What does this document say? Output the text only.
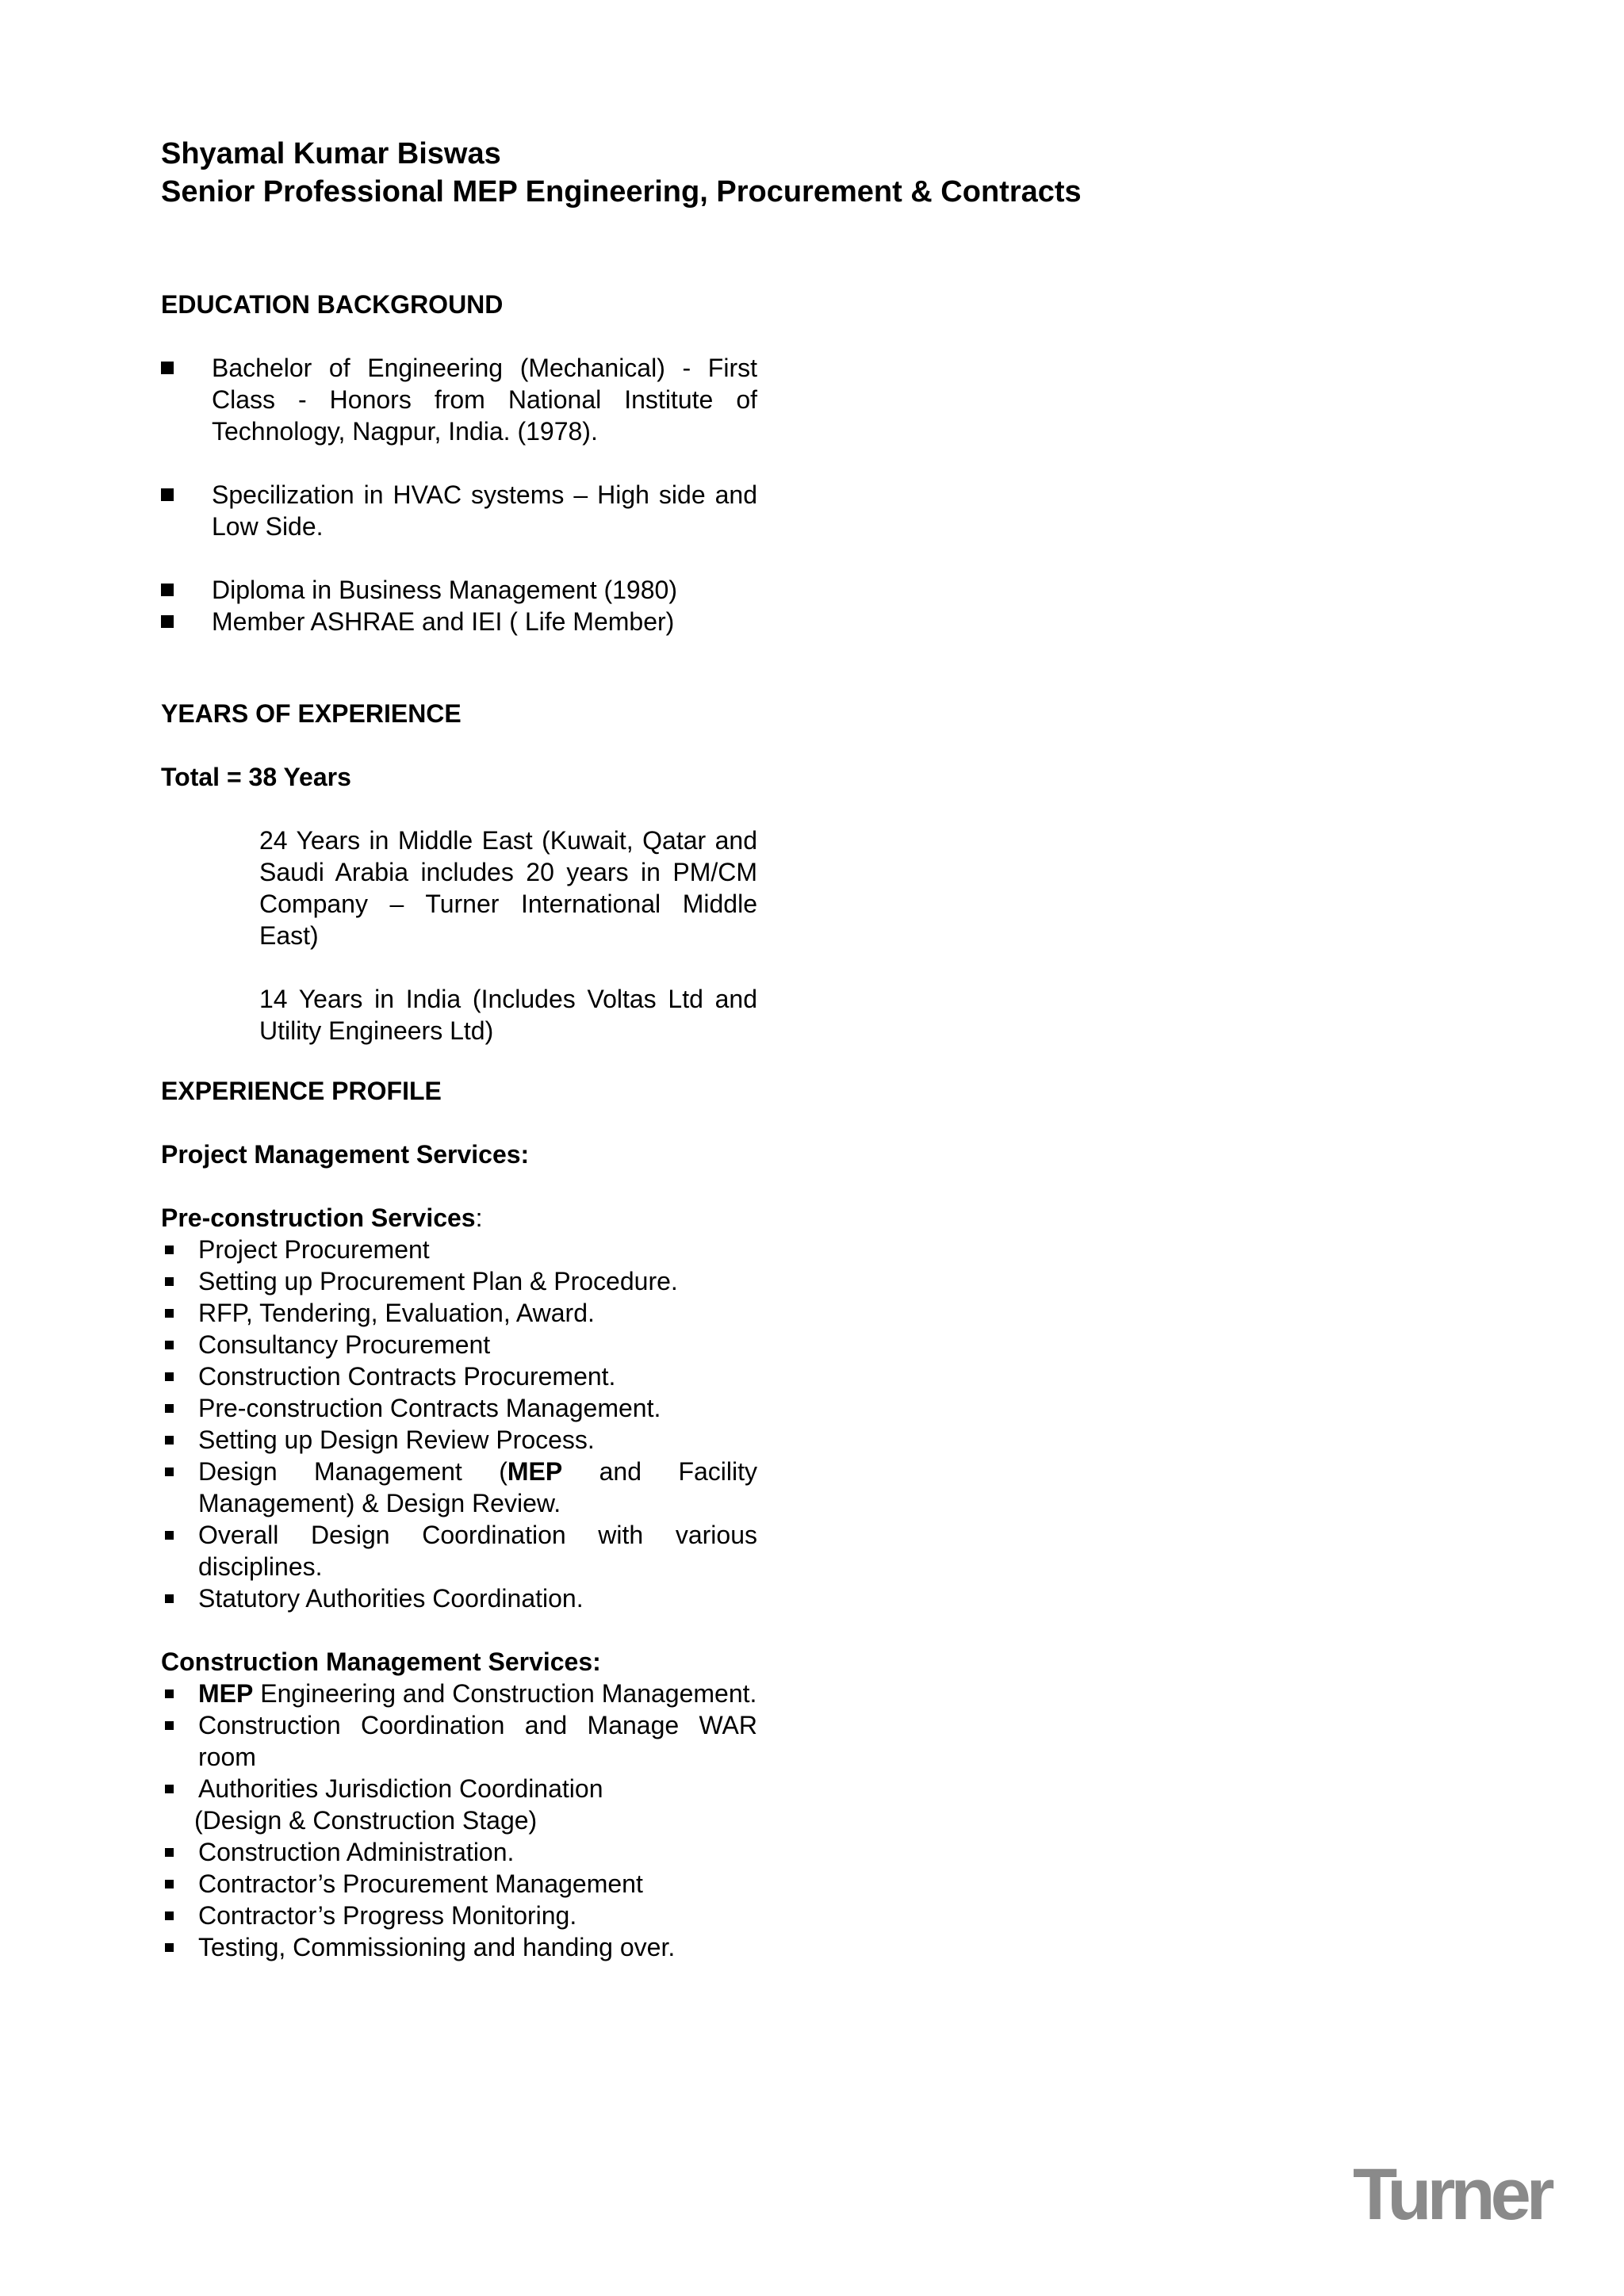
Shyamal Kumar Biswas
Senior Professional MEP Engineering, Procurement & Contracts
EDUCATION BACKGROUND
Bachelor of Engineering (Mechanical) - First Class - Honors from National Institute of Technology, Nagpur, India. (1978).
Specilization in HVAC systems – High side and Low Side.
Diploma in Business Management (1980)
Member ASHRAE and IEI ( Life Member)
YEARS OF EXPERIENCE
Total = 38 Years
24 Years in Middle East (Kuwait, Qatar and Saudi Arabia includes 20 years in PM/CM Company – Turner International Middle East)
14 Years in India (Includes Voltas Ltd and Utility Engineers Ltd)
EXPERIENCE PROFILE
Project Management Services:
Pre-construction Services:
Project Procurement
Setting up Procurement Plan & Procedure.
RFP, Tendering, Evaluation, Award.
Consultancy Procurement
Construction Contracts Procurement.
Pre-construction Contracts Management.
Setting up Design Review Process.
Design Management (MEP and Facility Management) & Design Review.
Overall Design Coordination with various disciplines.
Statutory Authorities Coordination.
Construction Management Services:
MEP Engineering and Construction Management.
Construction Coordination and Manage WAR room
Authorities Jurisdiction Coordination
(Design & Construction Stage)
Construction Administration.
Contractor’s Procurement Management
Contractor’s Progress Monitoring.
Testing, Commissioning and handing over.
Turner
